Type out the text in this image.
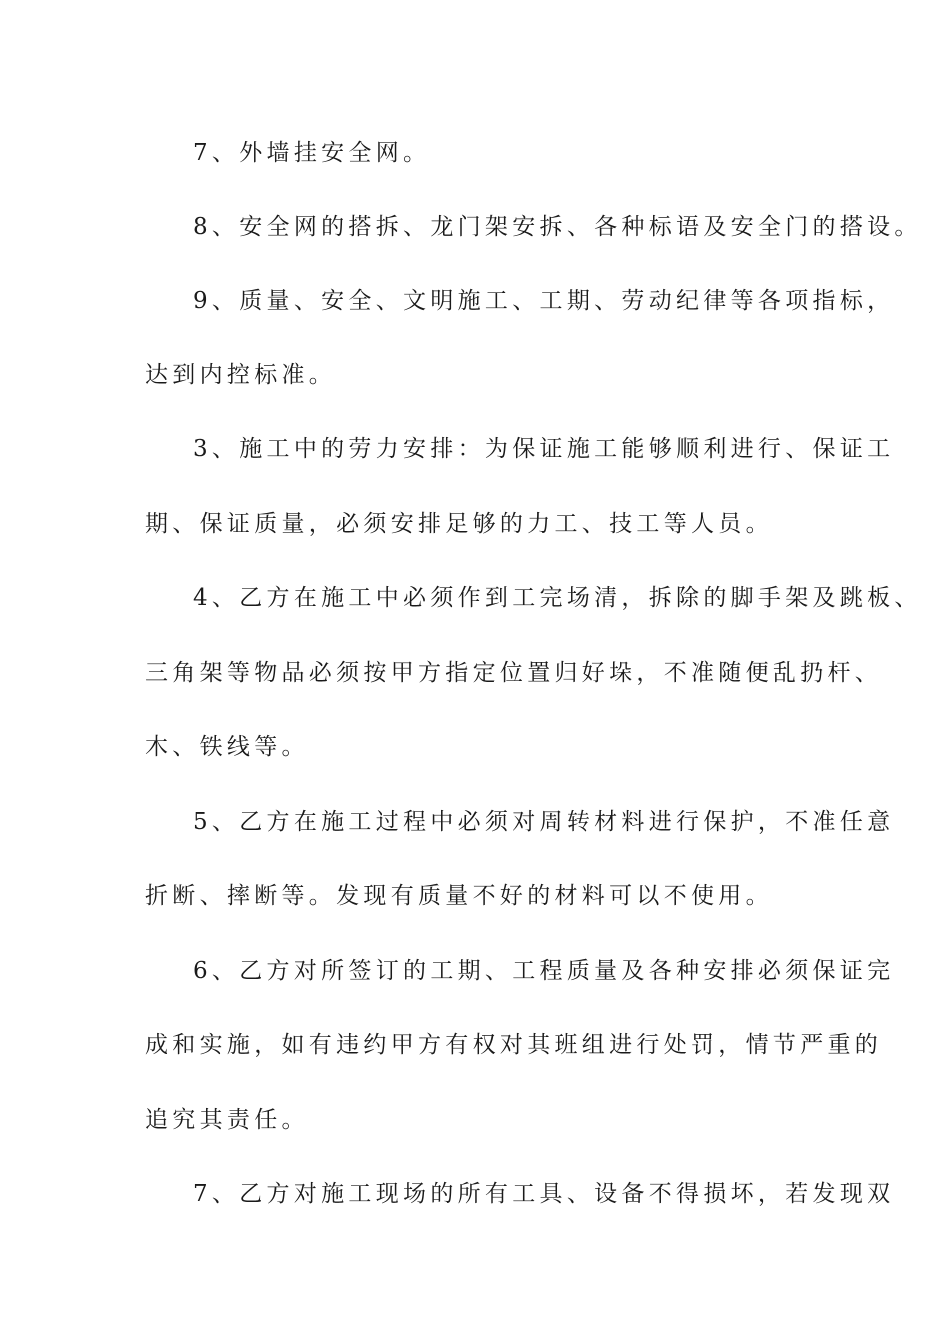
7、外墙挂安全网。
8、安全网的搭拆、龙门架安拆、各种标语及安全门的搭设。
9、质量、安全、文明施工、工期、劳动纪律等各项指标，
达到内控标准。
3、施工中的劳力安排：为保证施工能够顺利进行、保证工
期、保证质量，必须安排足够的力工、技工等人员。
4、乙方在施工中必须作到工完场清，拆除的脚手架及跳板、
三角架等物品必须按甲方指定位置归好垛，不准随便乱扔杆、
木、铁线等。
5、乙方在施工过程中必须对周转材料进行保护，不准任意
折断、摔断等。发现有质量不好的材料可以不使用。
6、乙方对所签订的工期、工程质量及各种安排必须保证完
成和实施，如有违约甲方有权对其班组进行处罚，情节严重的
追究其责任。
7、乙方对施工现场的所有工具、设备不得损坏，若发现双
